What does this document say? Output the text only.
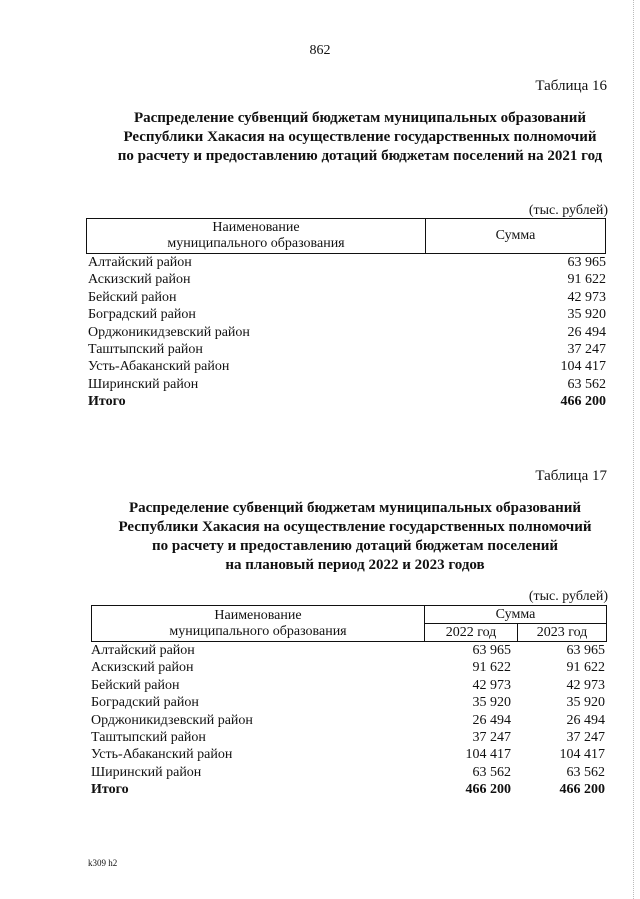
862
Таблица 16
Распределение субвенций бюджетам муниципальных образований
Республики Хакасия на осуществление государственных полномочий
по расчету и предоставлению дотаций бюджетам поселений на 2021 год
(тыс. рублей)
Наименование
муниципального образования
	Сумма
Алтайский район	63 965
Аскизский район	91 622
Бейский район	42 973
Боградский район	35 920
Орджоникидзевский район	26 494
Таштыпский район	37 247
Усть-Абаканский район	104 417
Ширинский район	63 562
Итого	466 200
Таблица 17
Распределение субвенций бюджетам муниципальных образований
Республики Хакасия на осуществление государственных полномочий
по расчету и предоставлению дотаций бюджетам поселений
на плановый период 2022 и 2023 годов
(тыс. рублей)
Наименование
муниципального образования	Сумма	
	2022 год	2023 год
Алтайский район	63 965	63 965
Аскизский район	91 622	91 622
Бейский район	42 973	42 973
Боградский район	35 920	35 920
Орджоникидзевский район	26 494	26 494
Таштыпский район	37 247	37 247
Усть-Абаканский район	104 417	104 417
Ширинский район	63 562	63 562
Итого	466 200	466 200
k309 h2
